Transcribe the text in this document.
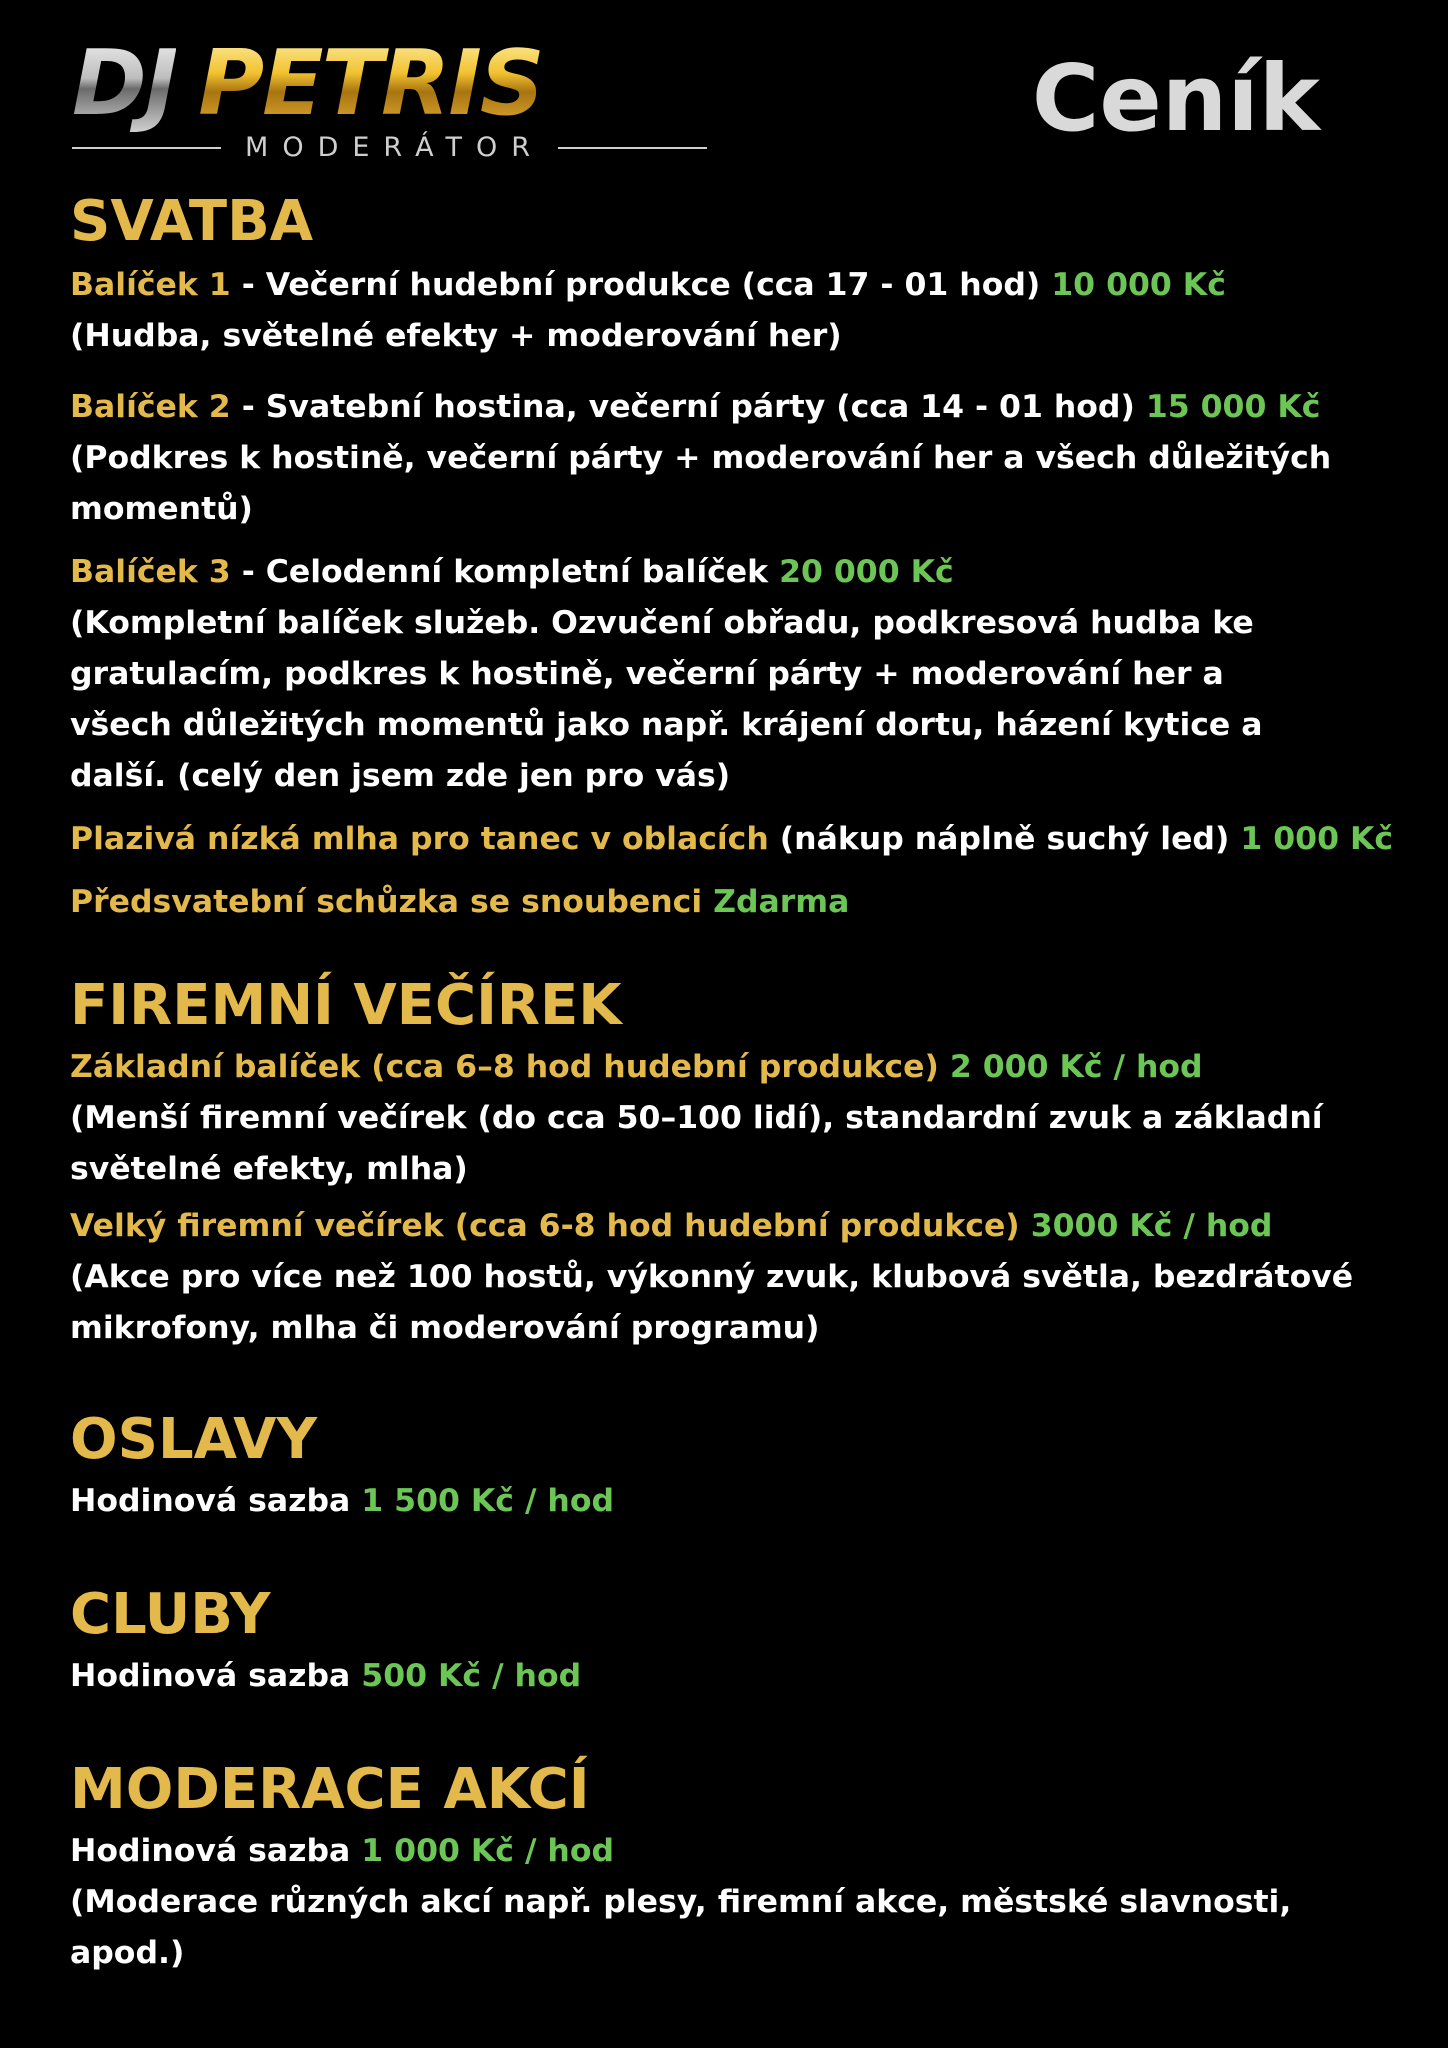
DJ PETRIS
MODERÁTOR	Ceník
SVATBA
Balíček 1 - Večerní hudební produkce (cca 17 - 01 hod) 10 000 Kč
(Hudba, světelné efekty + moderování her)
Balíček 2 - Svatební hostina, večerní párty (cca 14 - 01 hod) 15 000 Kč
(Podkres k hostině, večerní párty + moderování her a všech důležitých
momentů)
Balíček 3 - Celodenní kompletní balíček 20 000 Kč
(Kompletní balíček služeb. Ozvučení obřadu, podkresová hudba ke
gratulacím, podkres k hostině, večerní párty + moderování her a
všech důležitých momentů jako např. krájení dortu, házení kytice a
další. (celý den jsem zde jen pro vás)
Plazivá nízká mlha pro tanec v oblacích (nákup náplně suchý led) 1 000 Kč
Předsvatební schůzka se snoubenci Zdarma
FIREMNÍ VEČÍREK
Základní balíček (cca 6–8 hod hudební produkce) 2 000 Kč / hod
(Menší firemní večírek (do cca 50–100 lidí), standardní zvuk a základní
světelné efekty, mlha)
Velký firemní večírek (cca 6-8 hod hudební produkce) 3000 Kč / hod
(Akce pro více než 100 hostů, výkonný zvuk, klubová světla, bezdrátové
mikrofony, mlha či moderování programu)
OSLAVY
Hodinová sazba 1 500 Kč / hod
CLUBY
Hodinová sazba 500 Kč / hod
MODERACE AKCÍ
Hodinová sazba 1 000 Kč / hod
(Moderace různých akcí např. plesy, firemní akce, městské slavnosti,
apod.)
